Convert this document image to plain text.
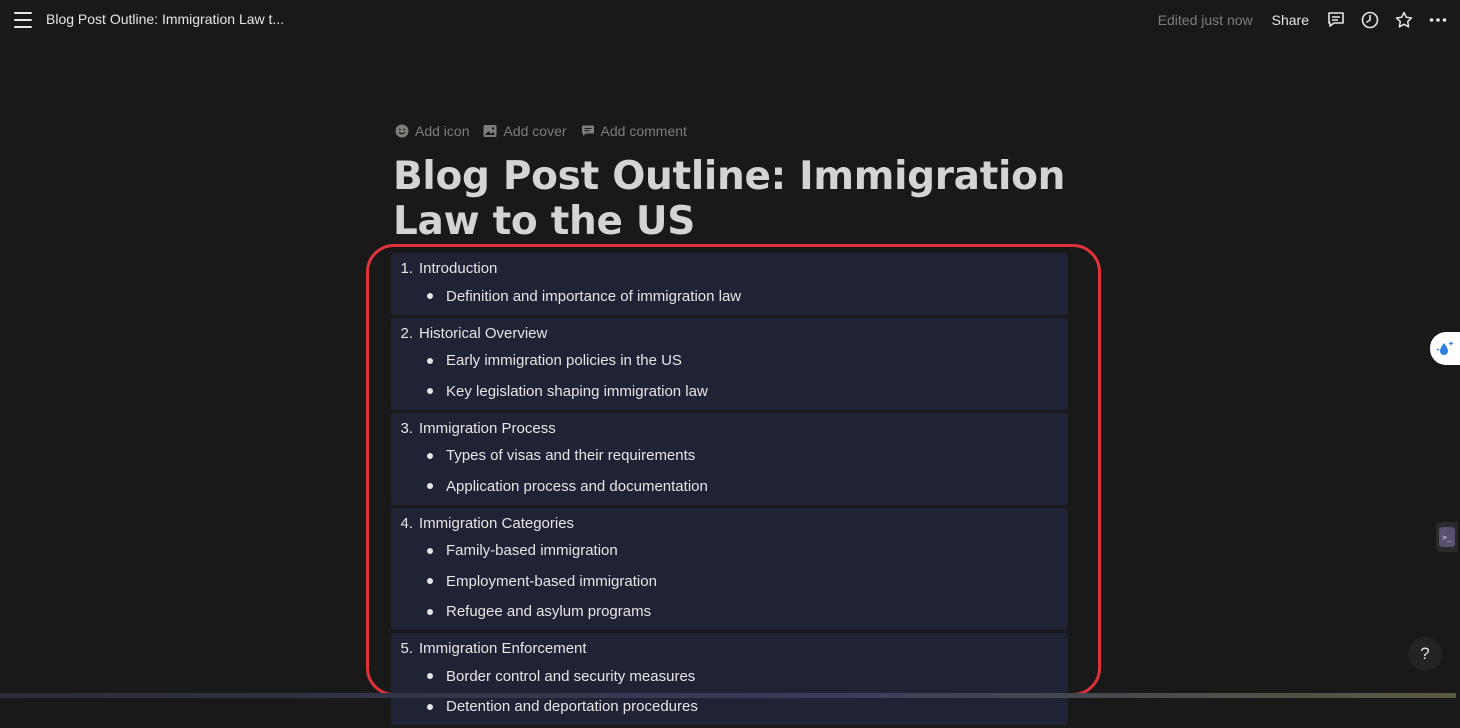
Blog Post Outline: Immigration Law t...	Edited just now Share
Add icon Add cover Add comment
Blog Post Outline: Immigration Law to the US
1. Introduction
Definition and importance of immigration law
2. Historical Overview
Early immigration policies in the US
Key legislation shaping immigration law
3. Immigration Process
Types of visas and their requirements
Application process and documentation
4. Immigration Categories
Family-based immigration
Employment-based immigration
Refugee and asylum programs
5. Immigration Enforcement
Border control and security measures
Detention and deportation procedures
>_
?
